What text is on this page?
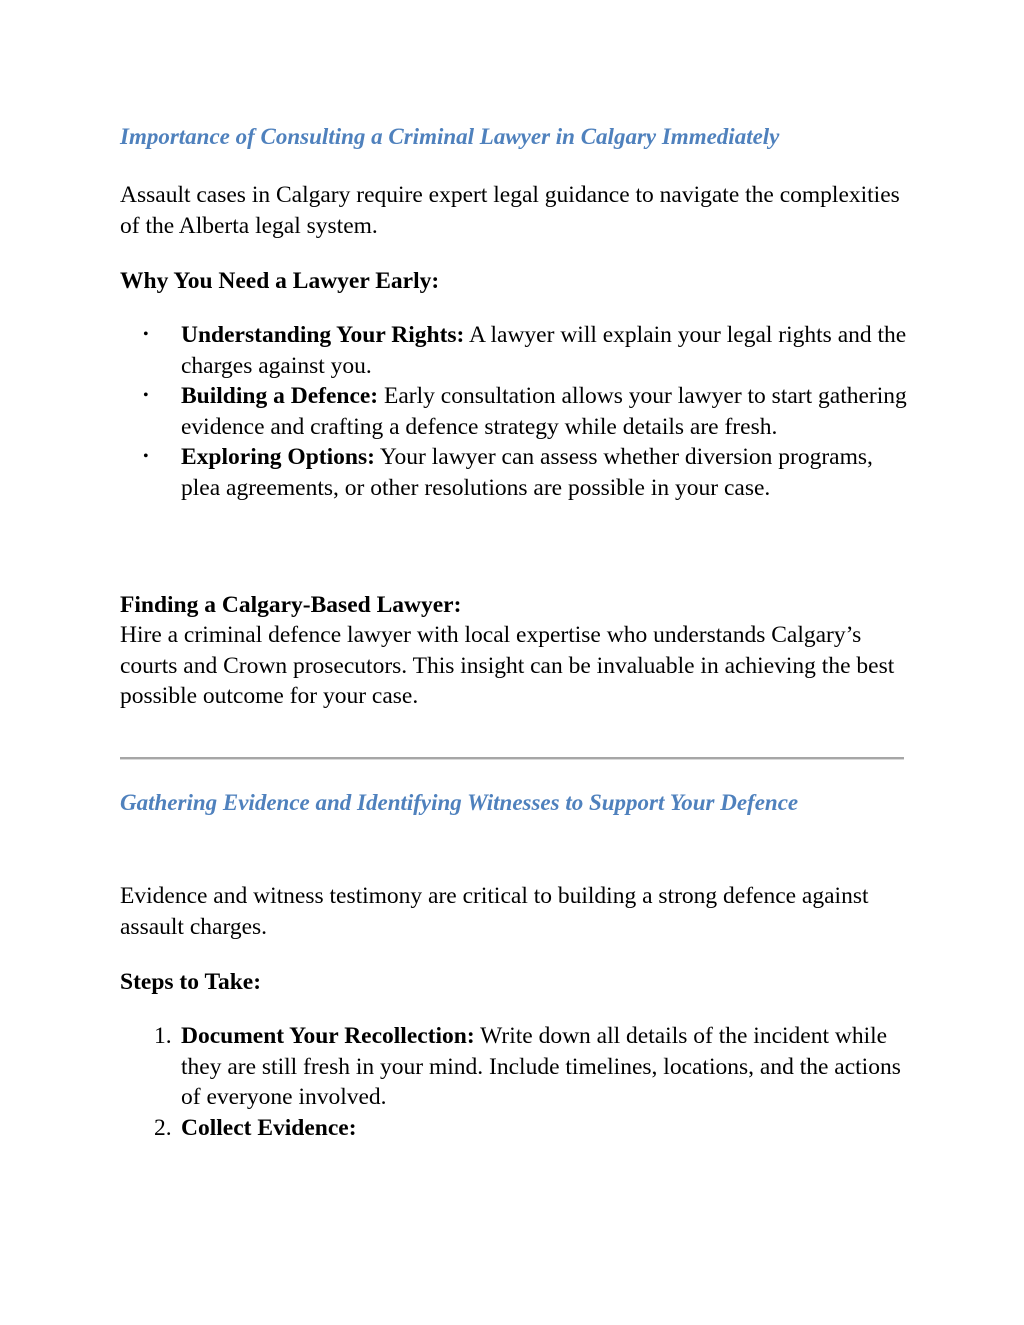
Importance of Consulting a Criminal Lawyer in Calgary Immediately

Assault cases in Calgary require expert legal guidance to navigate the complexities of the Alberta legal system.

Why You Need a Lawyer Early:

• Understanding Your Rights: A lawyer will explain your legal rights and the charges against you.
• Building a Defence: Early consultation allows your lawyer to start gathering evidence and crafting a defence strategy while details are fresh.
• Exploring Options: Your lawyer can assess whether diversion programs, plea agreements, or other resolutions are possible in your case.

Finding a Calgary-Based Lawyer:

Hire a criminal defence lawyer with local expertise who understands Calgary’s courts and Crown prosecutors. This insight can be invaluable in achieving the best possible outcome for your case.

Gathering Evidence and Identifying Witnesses to Support Your Defence

Evidence and witness testimony are critical to building a strong defence against assault charges.

Steps to Take:

1. Document Your Recollection: Write down all details of the incident while they are still fresh in your mind. Include timelines, locations, and the actions of everyone involved.
2. Collect Evidence:
